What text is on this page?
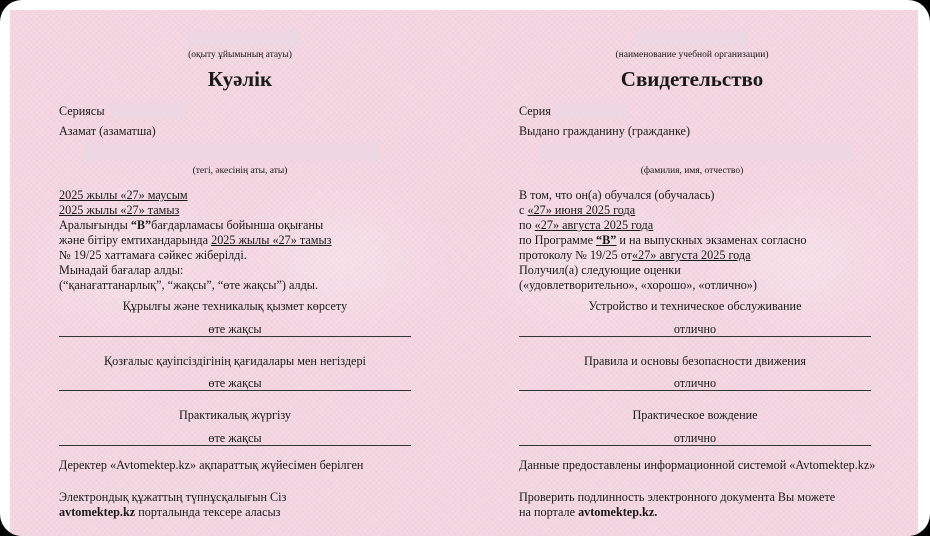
(оқыту ұйымының атауы)
Куәлік
Сериясы
Азамат (азаматша)
(тегі, әкесінің аты, аты)
2025 жылы «27» маусым
2025 жылы «27» тамыз
Аралығынды “В”бағдарламасы бойынша оқығаны
және бітіру емтихандарында 2025 жылы «27» тамыз
№ 19/25 хаттамаға сәйкес жіберілді.
Мынадай бағалар алды:
(“қанағаттанарлық”, “жақсы”, “өте жақсы”) алды.
Құрылғы және техникалық қызмет көрсету
өте жақсы
Қозғалыс қауіпсіздігінің қағидалары мен негіздері
өте жақсы
Практикалық жүргізу
өте жақсы
Деректер «Avtomektep.kz» ақпараттық жүйесімен берілген
Электрондық құжаттың түпнұсқалығын Сіз
avtomektep.kz порталында тексере аласыз
(наименование учебной организации)
Свидетельство
Серия
Выдано гражданину (гражданке)
(фамилия, имя, отчество)
В том, что он(а) обучался (обучалась)
с «27» июня 2025 года
по «27» августа 2025 года
по Программе “В” и на выпускных экзаменах согласно
протоколу № 19/25 от«27» августа 2025 года
Получил(а) следующие оценки
(«удовлетворительно», «хорошо», «отлично»)
Устройство и техническое обслуживание
отлично
Правила и основы безопасности движения
отлично
Практическое вождение
отлично
Данные предоставлены информационной системой «Avtomektep.kz»
Проверить подлинность электронного документа Вы можете
на портале avtomektep.kz.
